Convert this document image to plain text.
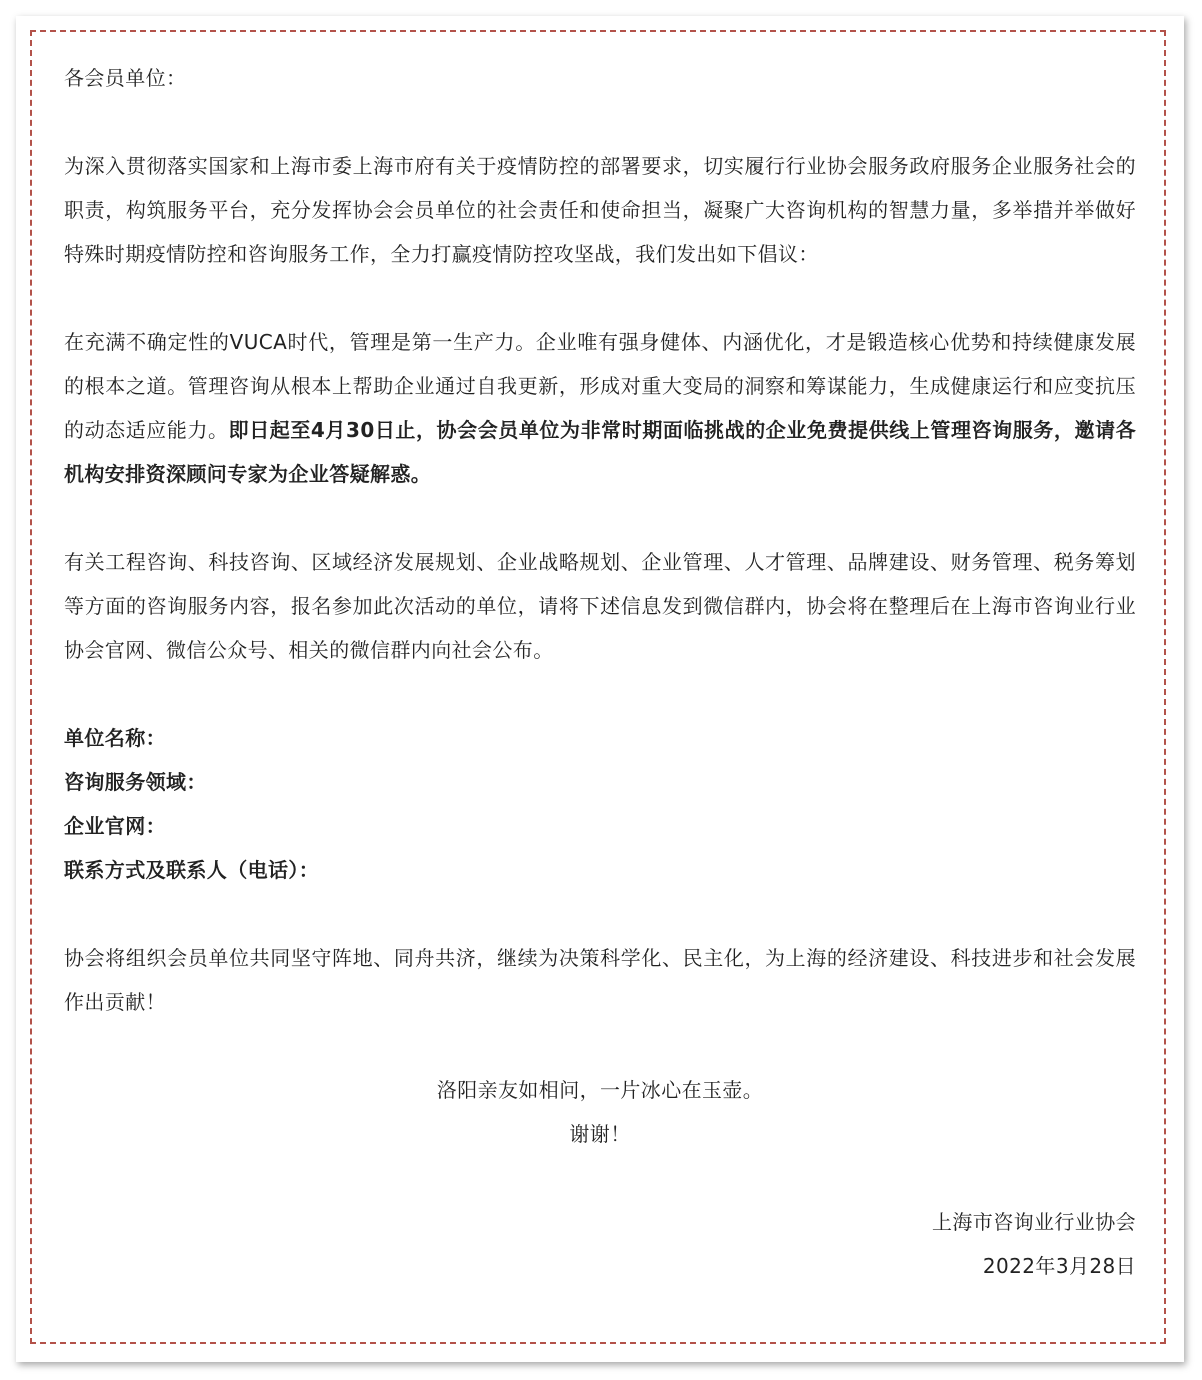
各会员单位：

为深入贯彻落实国家和上海市委上海市府有关于疫情防控的部署要求，切实履行行业协会服务政府服务企业服务社会的职责，构筑服务平台，充分发挥协会会员单位的社会责任和使命担当，凝聚广大咨询机构的智慧力量，多举措并举做好特殊时期疫情防控和咨询服务工作，全力打赢疫情防控攻坚战，我们发出如下倡议：

在充满不确定性的VUCA时代，管理是第一生产力。企业唯有强身健体、内涵优化，才是锻造核心优势和持续健康发展的根本之道。管理咨询从根本上帮助企业通过自我更新，形成对重大变局的洞察和筹谋能力，生成健康运行和应变抗压的动态适应能力。即日起至4月30日止，协会会员单位为非常时期面临挑战的企业免费提供线上管理咨询服务，邀请各机构安排资深顾问专家为企业答疑解惑。

有关工程咨询、科技咨询、区域经济发展规划、企业战略规划、企业管理、人才管理、品牌建设、财务管理、税务筹划等方面的咨询服务内容，报名参加此次活动的单位，请将下述信息发到微信群内，协会将在整理后在上海市咨询业行业协会官网、微信公众号、相关的微信群内向社会公布。

单位名称：

咨询服务领域：

企业官网：

联系方式及联系人（电话）：

协会将组织会员单位共同坚守阵地、同舟共济，继续为决策科学化、民主化，为上海的经济建设、科技进步和社会发展作出贡献！

洛阳亲友如相问，一片冰心在玉壶。

谢谢！

上海市咨询业行业协会

2022年3月28日
